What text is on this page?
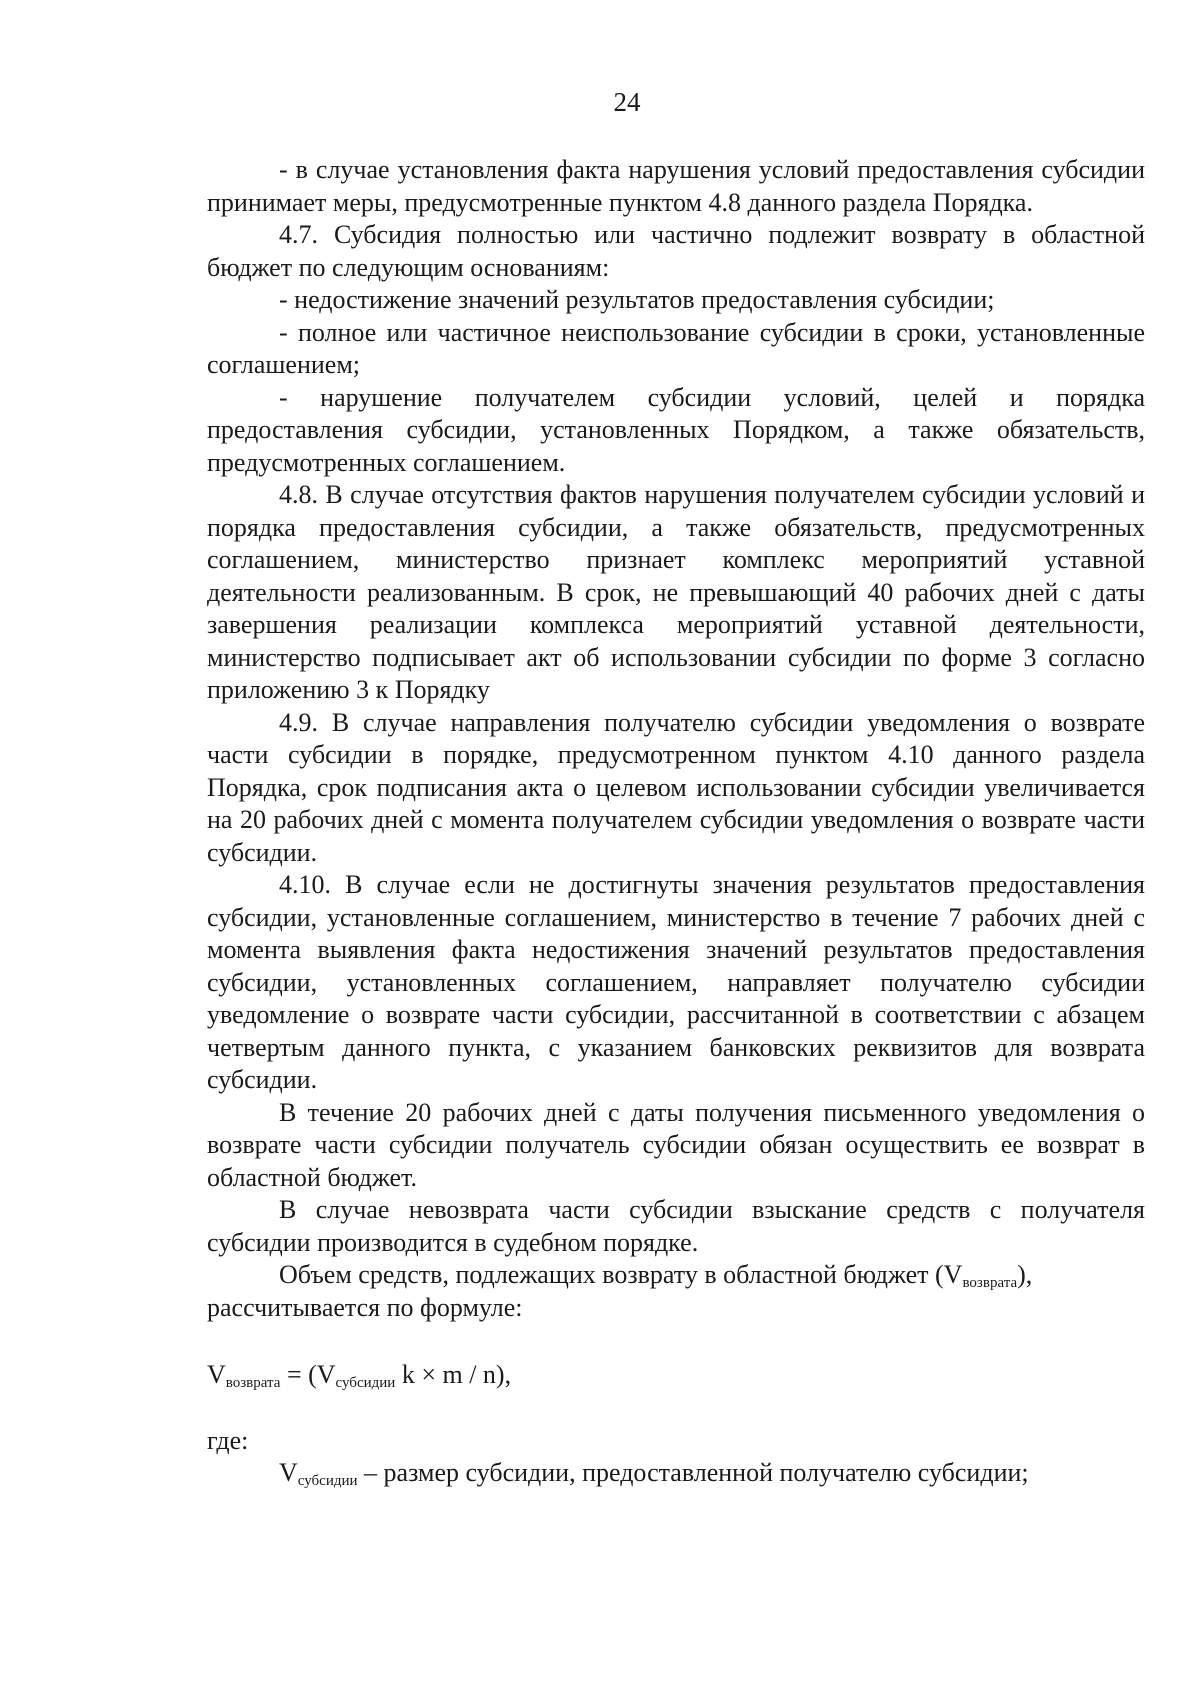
24

- в случае установления факта нарушения условий предоставления субсидии принимает меры, предусмотренные пунктом 4.8 данного раздела Порядка.

4.7. Субсидия полностью или частично подлежит возврату в областной бюджет по следующим основаниям:

- недостижение значений результатов предоставления субсидии;

- полное или частичное неиспользование субсидии в сроки, установленные соглашением;

- нарушение получателем субсидии условий, целей и порядка предоставления субсидии, установленных Порядком, а также обязательств, предусмотренных соглашением.

4.8. В случае отсутствия фактов нарушения получателем субсидии условий и порядка предоставления субсидии, а также обязательств, предусмотренных соглашением, министерство признает комплекс мероприятий уставной деятельности реализованным. В срок, не превышающий 40 рабочих дней с даты завершения реализации комплекса мероприятий уставной деятельности, министерство подписывает акт об использовании субсидии по форме 3 согласно приложению 3 к Порядку

4.9. В случае направления получателю субсидии уведомления о возврате части субсидии в порядке, предусмотренном пунктом 4.10 данного раздела Порядка, срок подписания акта о целевом использовании субсидии увеличивается на 20 рабочих дней с момента получателем субсидии уведомления о возврате части субсидии.

4.10. В случае если не достигнуты значения результатов предоставления субсидии, установленные соглашением, министерство в течение 7 рабочих дней с момента выявления факта недостижения значений результатов предоставления субсидии, установленных соглашением, направляет получателю субсидии уведомление о возврате части субсидии, рассчитанной в соответствии с абзацем четвертым данного пункта, с указанием банковских реквизитов для возврата субсидии.

В течение 20 рабочих дней с даты получения письменного уведомления о возврате части субсидии получатель субсидии обязан осуществить ее возврат в областной бюджет.

В случае невозврата части субсидии взыскание средств с получателя субсидии производится в судебном порядке.

Объем средств, подлежащих возврату в областной бюджет $(V_{возврата})$,
рассчитывается по формуле:

$V_{возврата} = (V_{субсидии}$ k × m / n),

где:

$V_{субсидии}$ – размер субсидии, предоставленной получателю субсидии;
